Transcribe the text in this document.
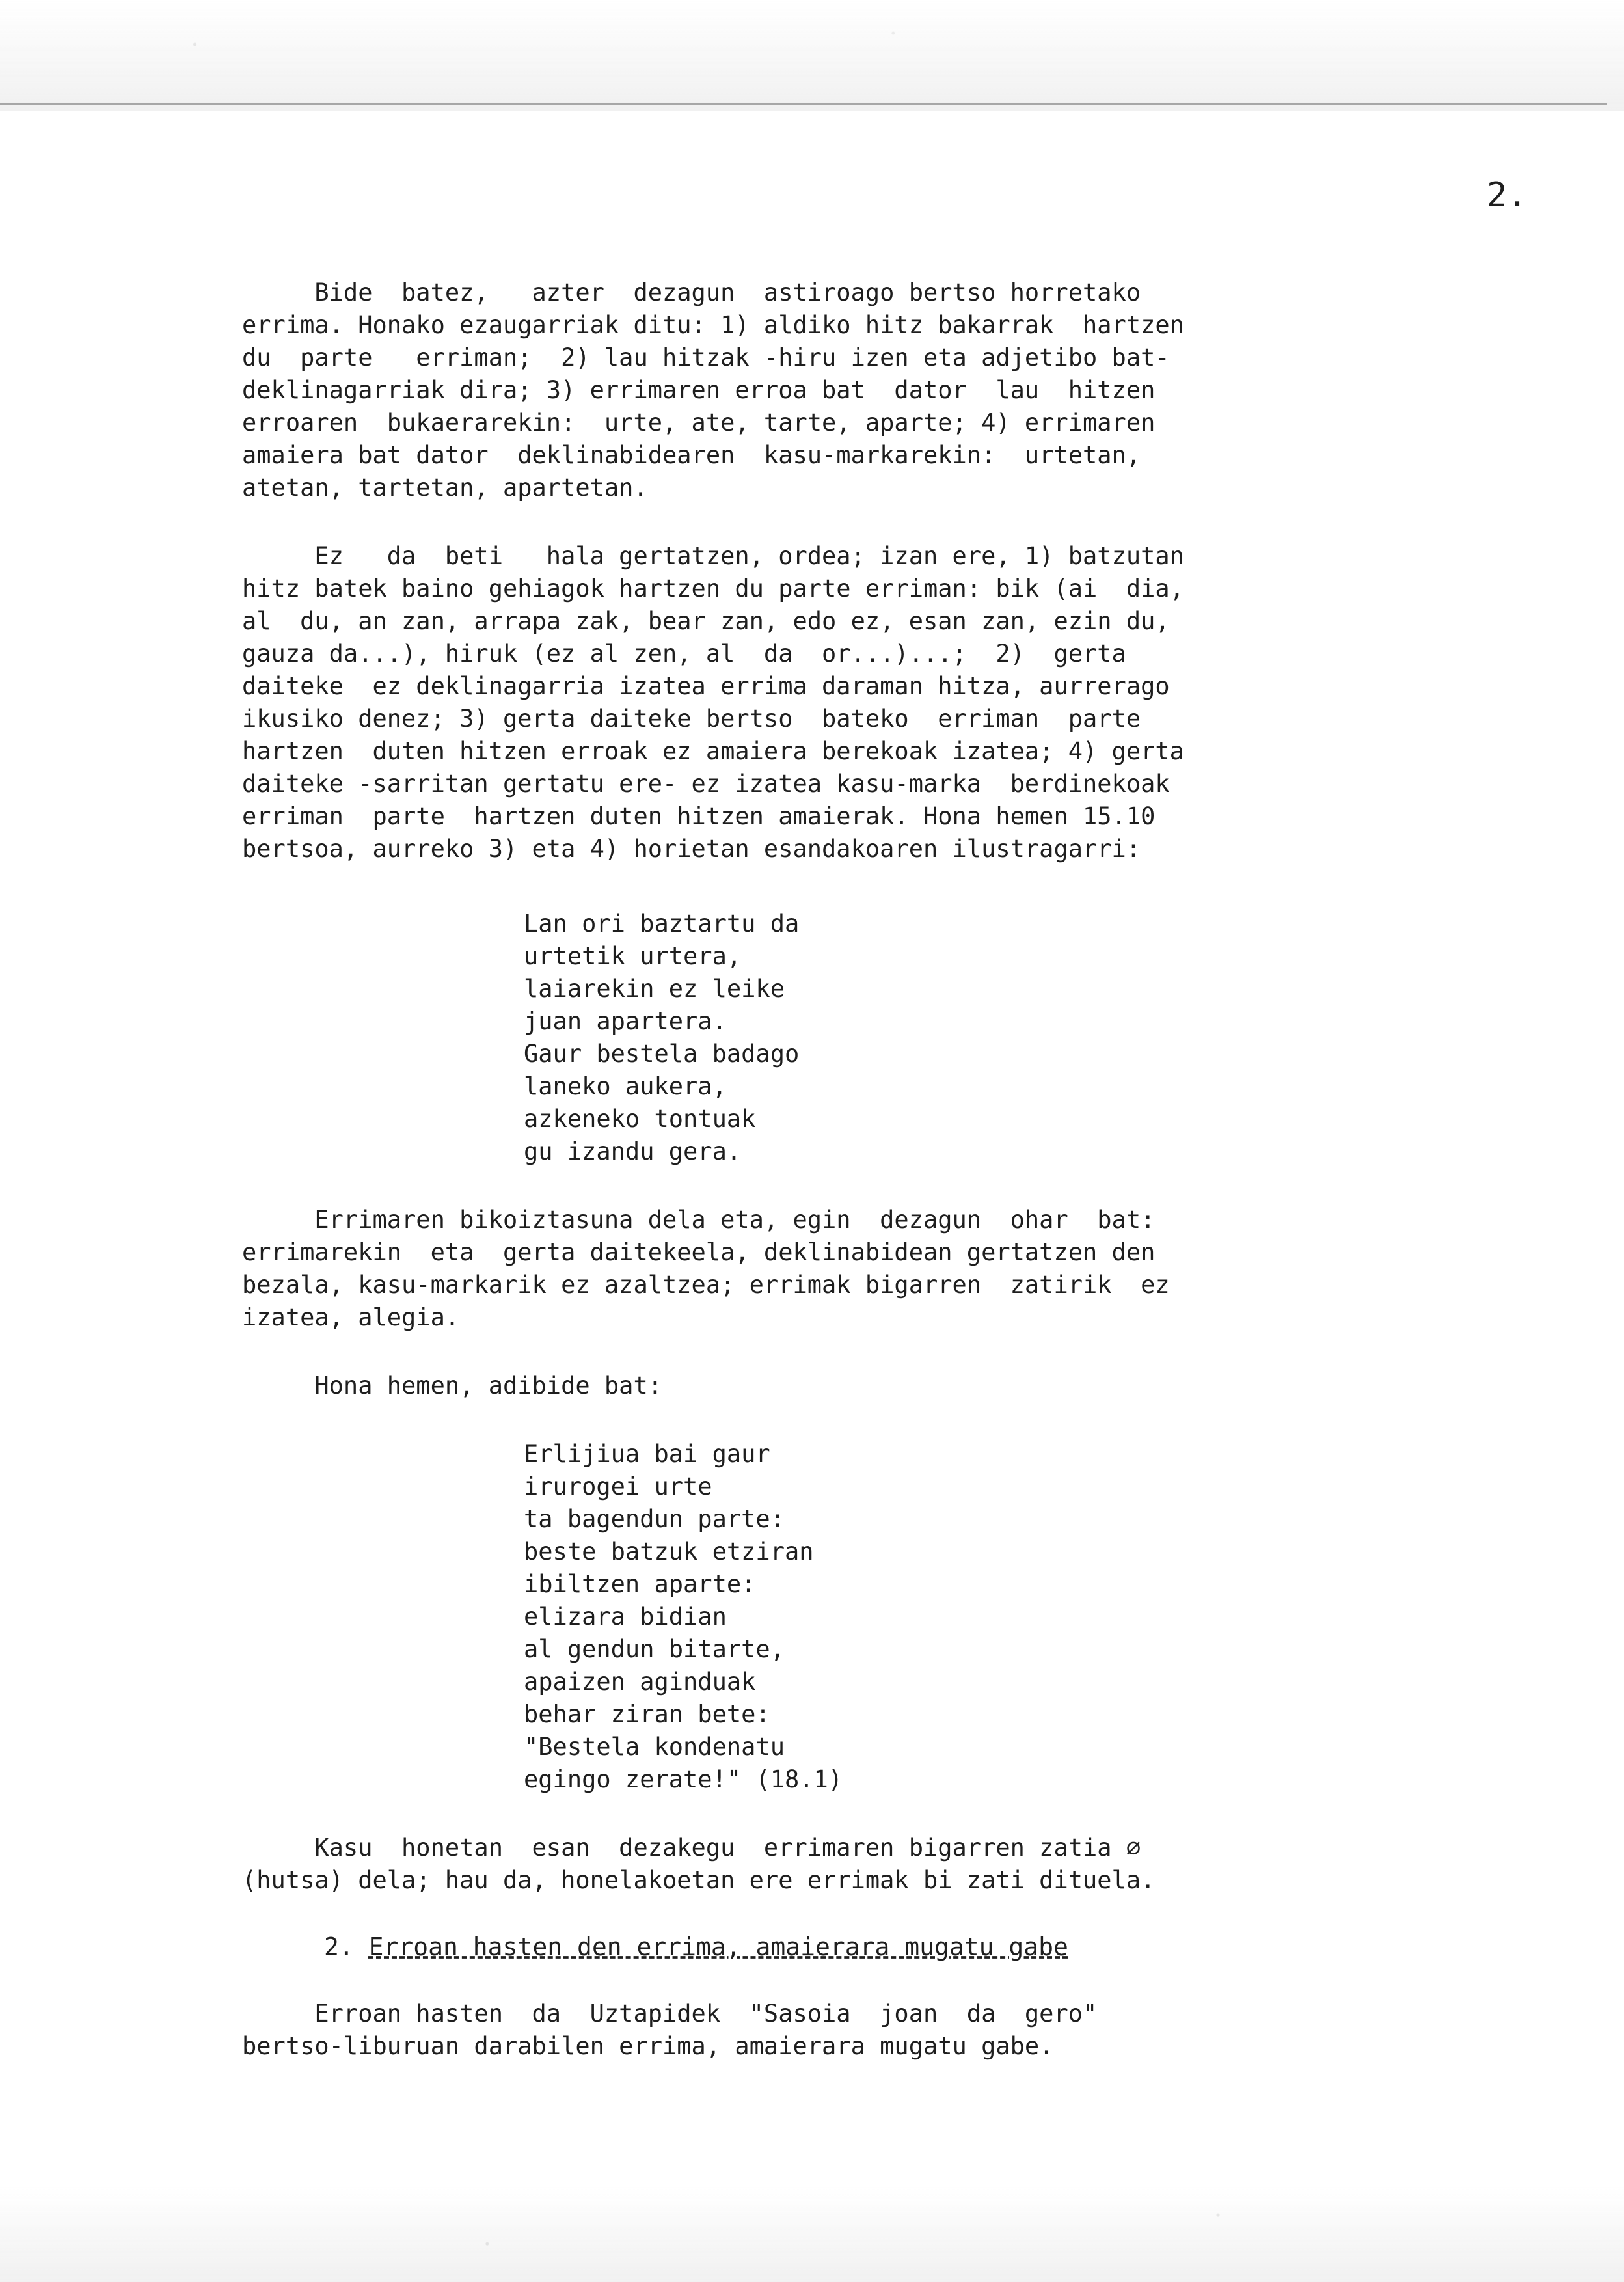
2.
Bide  batez,   azter  dezagun  astiroago bertso horretako
errima. Honako ezaugarriak ditu: 1) aldiko hitz bakarrak  hartzen
du  parte   erriman;  2) lau hitzak -hiru izen eta adjetibo bat-
deklinagarriak dira; 3) errimaren erroa bat  dator  lau  hitzen
erroaren  bukaerarekin:  urte, ate, tarte, aparte; 4) errimaren
amaiera bat dator  deklinabidearen  kasu-markarekin:  urtetan,
atetan, tartetan, apartetan.
Ez   da  beti   hala gertatzen, ordea; izan ere, 1) batzutan
hitz batek baino gehiagok hartzen du parte erriman: bik (ai  dia,
al  du, an zan, arrapa zak, bear zan, edo ez, esan zan, ezin du,
gauza da...), hiruk (ez al zen, al  da  or...)...;  2)  gerta
daiteke  ez deklinagarria izatea errima daraman hitza, aurrerago
ikusiko denez; 3) gerta daiteke bertso  bateko  erriman  parte
hartzen  duten hitzen erroak ez amaiera berekoak izatea; 4) gerta
daiteke -sarritan gertatu ere- ez izatea kasu-marka  berdinekoak
erriman  parte  hartzen duten hitzen amaierak. Hona hemen 15.10
bertsoa, aurreko 3) eta 4) horietan esandakoaren ilustragarri:
Lan ori baztartu da
urtetik urtera,
laiarekin ez leike
juan apartera.
Gaur bestela badago
laneko aukera,
azkeneko tontuak
gu izandu gera.
Errimaren bikoiztasuna dela eta, egin  dezagun  ohar  bat:
errimarekin  eta  gerta daitekeela, deklinabidean gertatzen den
bezala, kasu-markarik ez azaltzea; errimak bigarren  zatirik  ez
izatea, alegia.
Hona hemen, adibide bat:
Erlijiua bai gaur
irurogei urte
ta bagendun parte:
beste batzuk etziran
ibiltzen aparte:
elizara bidian
al gendun bitarte,
apaizen aginduak
behar ziran bete:
"Bestela kondenatu
egingo zerate!" (18.1)
Kasu  honetan  esan  dezakegu  errimaren bigarren zatia ∅
(hutsa) dela; hau da, honelakoetan ere errimak bi zati dituela.
2. Erroan hasten den errima, amaierara mugatu gabe
Erroan hasten  da  Uztapidek  "Sasoia  joan  da  gero"
bertso-liburuan darabilen errima, amaierara mugatu gabe.
